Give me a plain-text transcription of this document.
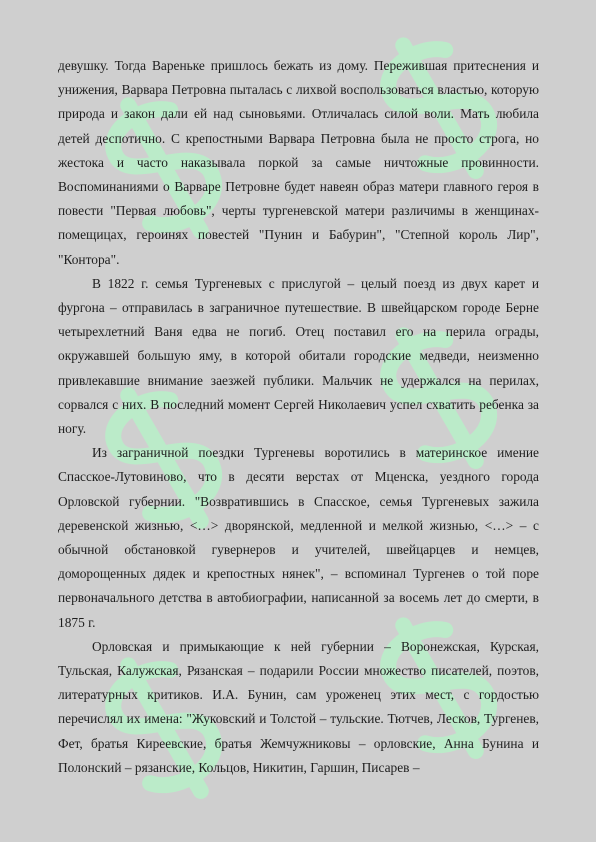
девушку. Тогда Вареньке пришлось бежать из дому. Пережившая притеснения и унижения, Варвара Петровна пыталась с лихвой воспользоваться властью, которую природа и закон дали ей над сыновьями. Отличалась силой воли. Мать любила детей деспотично. С крепостными Варвара Петровна была не просто строга, но жестока и часто наказывала поркой за самые ничтожные провинности. Воспоминаниями о Варваре Петровне будет навеян образ матери главного героя в повести "Первая любовь", черты тургеневской матери различимы в женщинах-помещицах, героинях повестей "Пунин и Бабурин", "Степной король Лир", "Контора".

В 1822 г. семья Тургеневых с прислугой – целый поезд из двух карет и фургона – отправилась в заграничное путешествие. В швейцарском городе Берне четырехлетний Ваня едва не погиб. Отец поставил его на перила ограды, окружавшей большую яму, в которой обитали городские медведи, неизменно привлекавшие внимание заезжей публики. Мальчик не удержался на перилах, сорвался с них. В последний момент Сергей Николаевич успел схватить ребенка за ногу.

Из заграничной поездки Тургеневы воротились в материнское имение Спасское-Лутовиново, что в десяти верстах от Мценска, уездного города Орловской губернии. "Возвратившись в Спасское, семья Тургеневых зажила деревенской жизнью, <…> дворянской, медленной и мелкой жизнью, <…> – с обычной обстановкой гувернеров и учителей, швейцарцев и немцев, доморощенных дядек и крепостных нянек", – вспоминал Тургенев о той поре первоначального детства в автобиографии, написанной за восемь лет до смерти, в 1875 г.

Орловская и примыкающие к ней губернии – Воронежская, Курская, Тульская, Калужская, Рязанская – подарили России множество писателей, поэтов, литературных критиков. И.А. Бунин, сам уроженец этих мест, с гордостью перечислял их имена: "Жуковский и Толстой – тульские. Тютчев, Лесков, Тургенев, Фет, братья Киреевские, братья Жемчужниковы – орловские, Анна Бунина и Полонский – рязанские, Кольцов, Никитин, Гаршин, Писарев –
